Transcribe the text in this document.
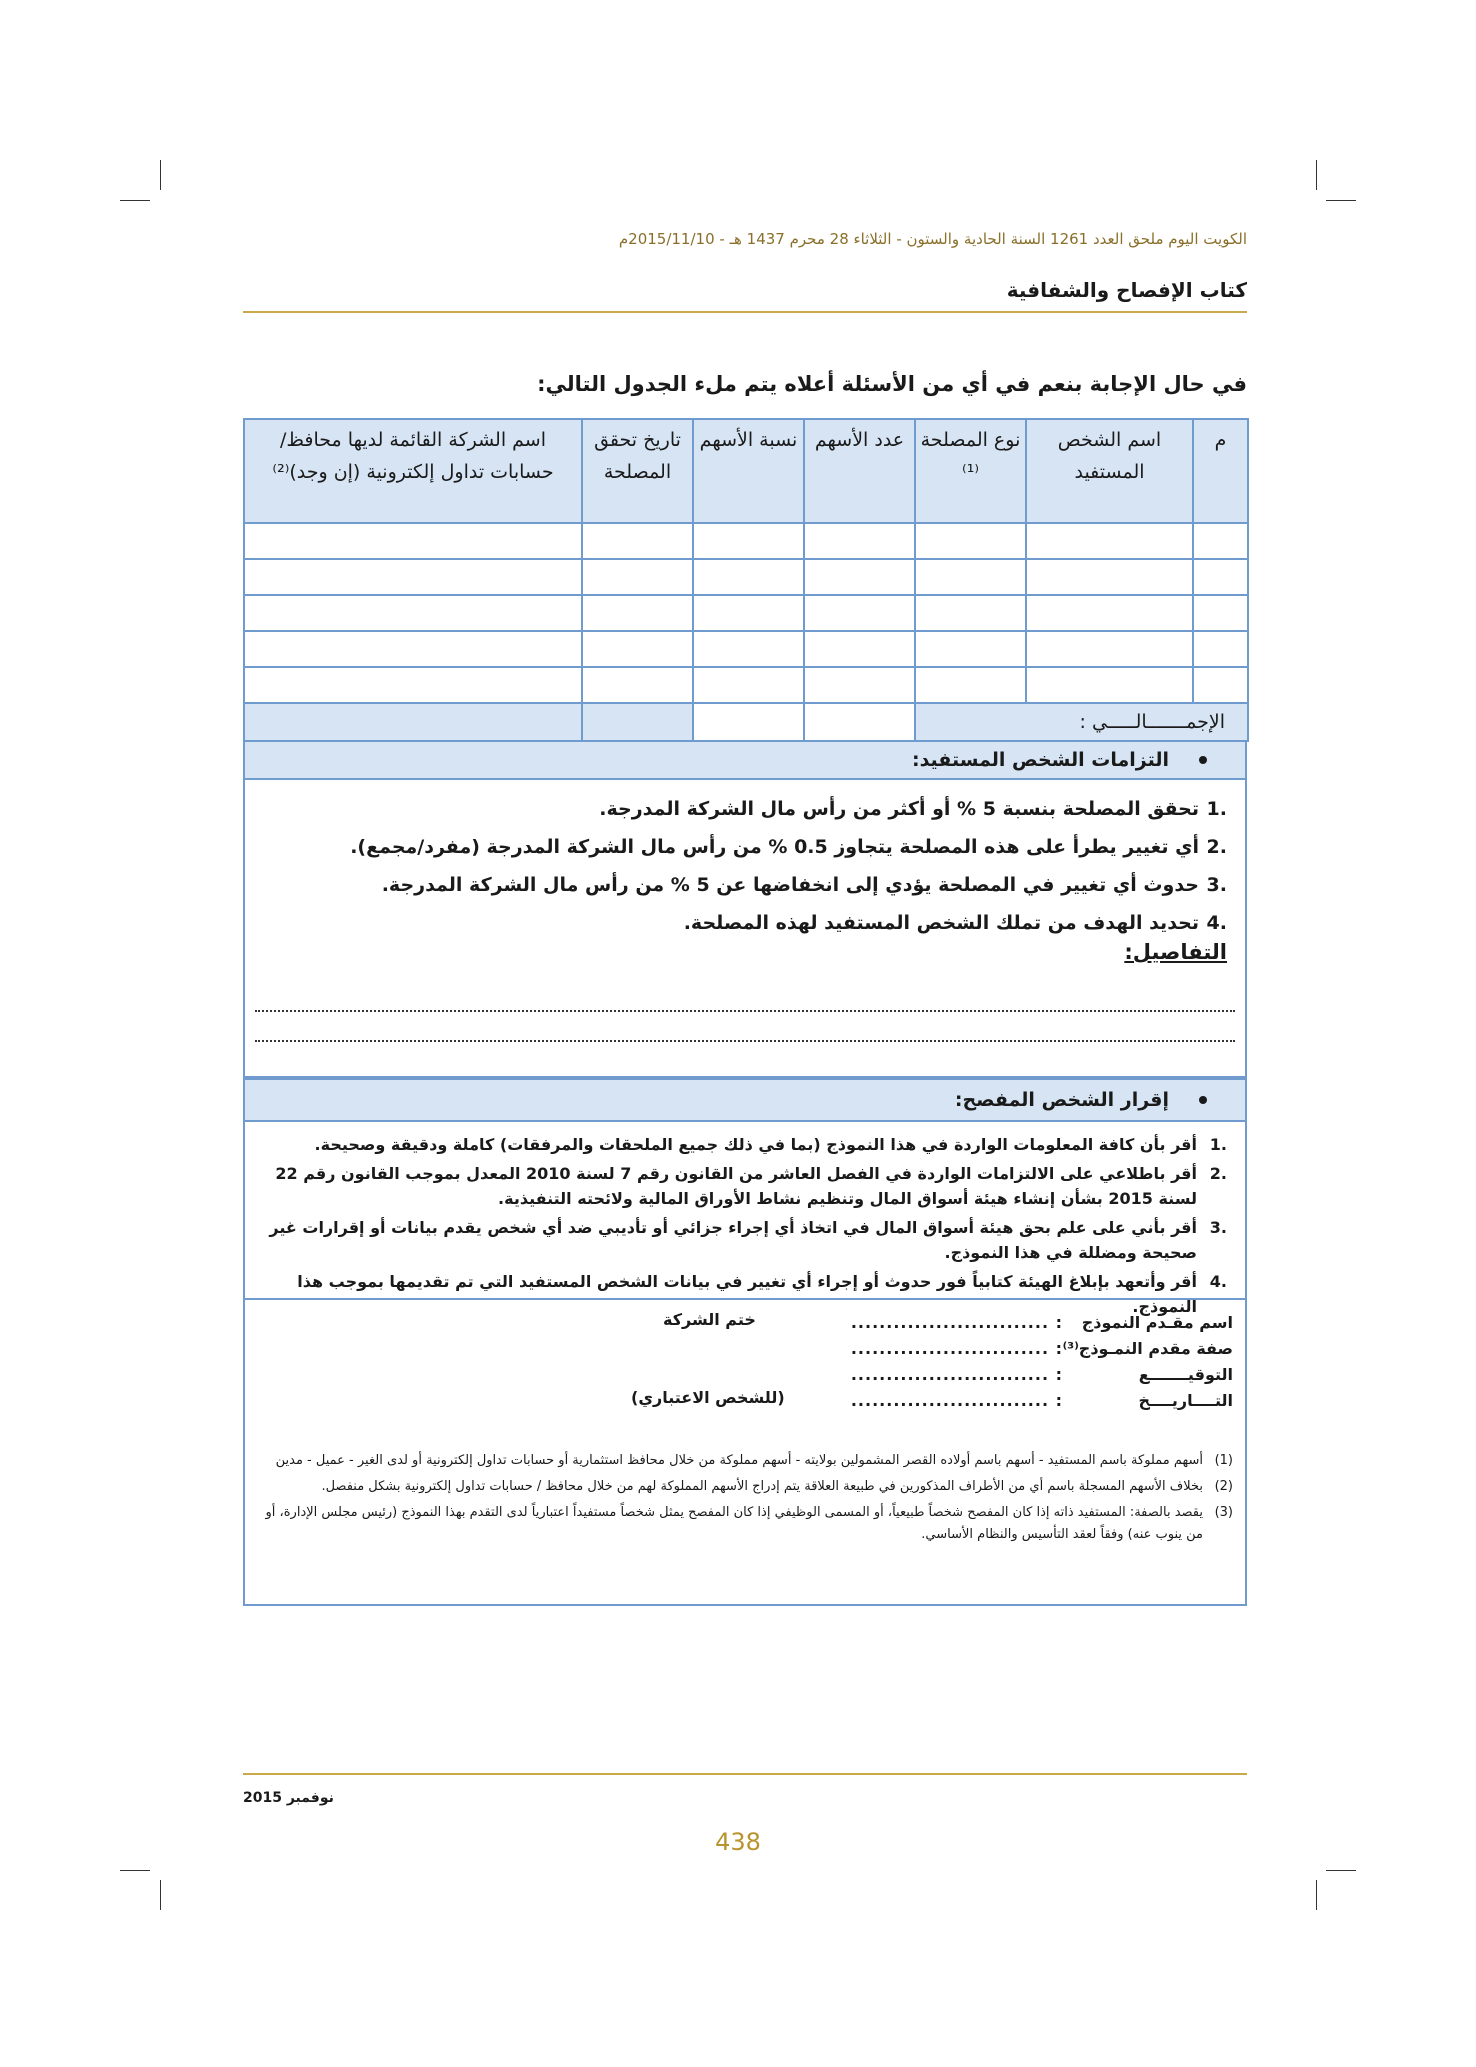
الكويت اليوم ملحق العدد 1261 السنة الحادية والستون - الثلاثاء 28 محرم 1437 هـ - 2015/11/10م
كتاب الإفصاح والشفافية
في حال الإجابة بنعم في أي من الأسئلة أعلاه يتم ملء الجدول التالي:
م	اسم الشخص المستفيد	نوع المصلحة ⁽¹⁾	عدد الأسهم	نسبة الأسهم	تاريخ تحقق المصلحة	اسم الشركة القائمة لديها محافظ/ حسابات تداول إلكترونية (إن وجد)⁽²⁾

الإجمـــــــالـــــي :						
التزامات الشخص المستفيد:
.1
تحقق المصلحة بنسبة 5 % أو أكثر من رأس مال الشركة المدرجة.
.2
أي تغيير يطرأ على هذه المصلحة يتجاوز 0.5 % من رأس مال الشركة المدرجة (مفرد/مجمع).
.3
حدوث أي تغيير في المصلحة يؤدي إلى انخفاضها عن 5 % من رأس مال الشركة المدرجة.
.4
تحديد الهدف من تملك الشخص المستفيد لهذه المصلحة.
التفاصيل:
إقرار الشخص المفصح:
.1
أقر بأن كافة المعلومات الواردة في هذا النموذج (بما في ذلك جميع الملحقات والمرفقات) كاملة ودقيقة وصحيحة.
.2
أقر باطلاعي على الالتزامات الواردة في الفصل العاشر من القانون رقم 7 لسنة 2010 المعدل بموجب القانون رقم 22 لسنة 2015 بشأن إنشاء هيئة أسواق المال وتنظيم نشاط الأوراق المالية ولائحته التنفيذية.
.3
أقر بأني على علم بحق هيئة أسواق المال في اتخاذ أي إجراء جزائي أو تأديبي ضد أي شخص يقدم بيانات أو إقرارات غير صحيحة ومضللة في هذا النموذج.
.4
أقر وأتعهد بإبلاغ الهيئة كتابياً فور حدوث أو إجراء أي تغيير في بيانات الشخص المستفيد التي تم تقديمها بموجب هذا النموذج.
اسم مقـدم النموذج
: ............................
صفة مقدم النمـوذج⁽³⁾
: ............................
التوقيـــــــع
: ............................
التــــاريــــخ
: ............................
ختم الشركة
(للشخص الاعتباري)
(1)
أسهم مملوكة باسم المستفيد - أسهم باسم أولاده القصر المشمولين بولايته - أسهم مملوكة من خلال محافظ استثمارية أو حسابات تداول إلكترونية أو لدى الغير - عميل - مدين
(2)
بخلاف الأسهم المسجلة باسم أي من الأطراف المذكورين في طبيعة العلاقة يتم إدراج الأسهم المملوكة لهم من خلال محافظ / حسابات تداول إلكترونية بشكل منفصل.
(3)
يقصد بالصفة: المستفيد ذاته إذا كان المفصح شخصاً طبيعياً، أو المسمى الوظيفي إذا كان المفصح يمثل شخصاً مستفيداً اعتبارياً لدى التقدم بهذا النموذج (رئيس مجلس الإدارة، أو من ينوب عنه) وفقاً لعقد التأسيس والنظام الأساسي.
نوفمبر 2015
438
